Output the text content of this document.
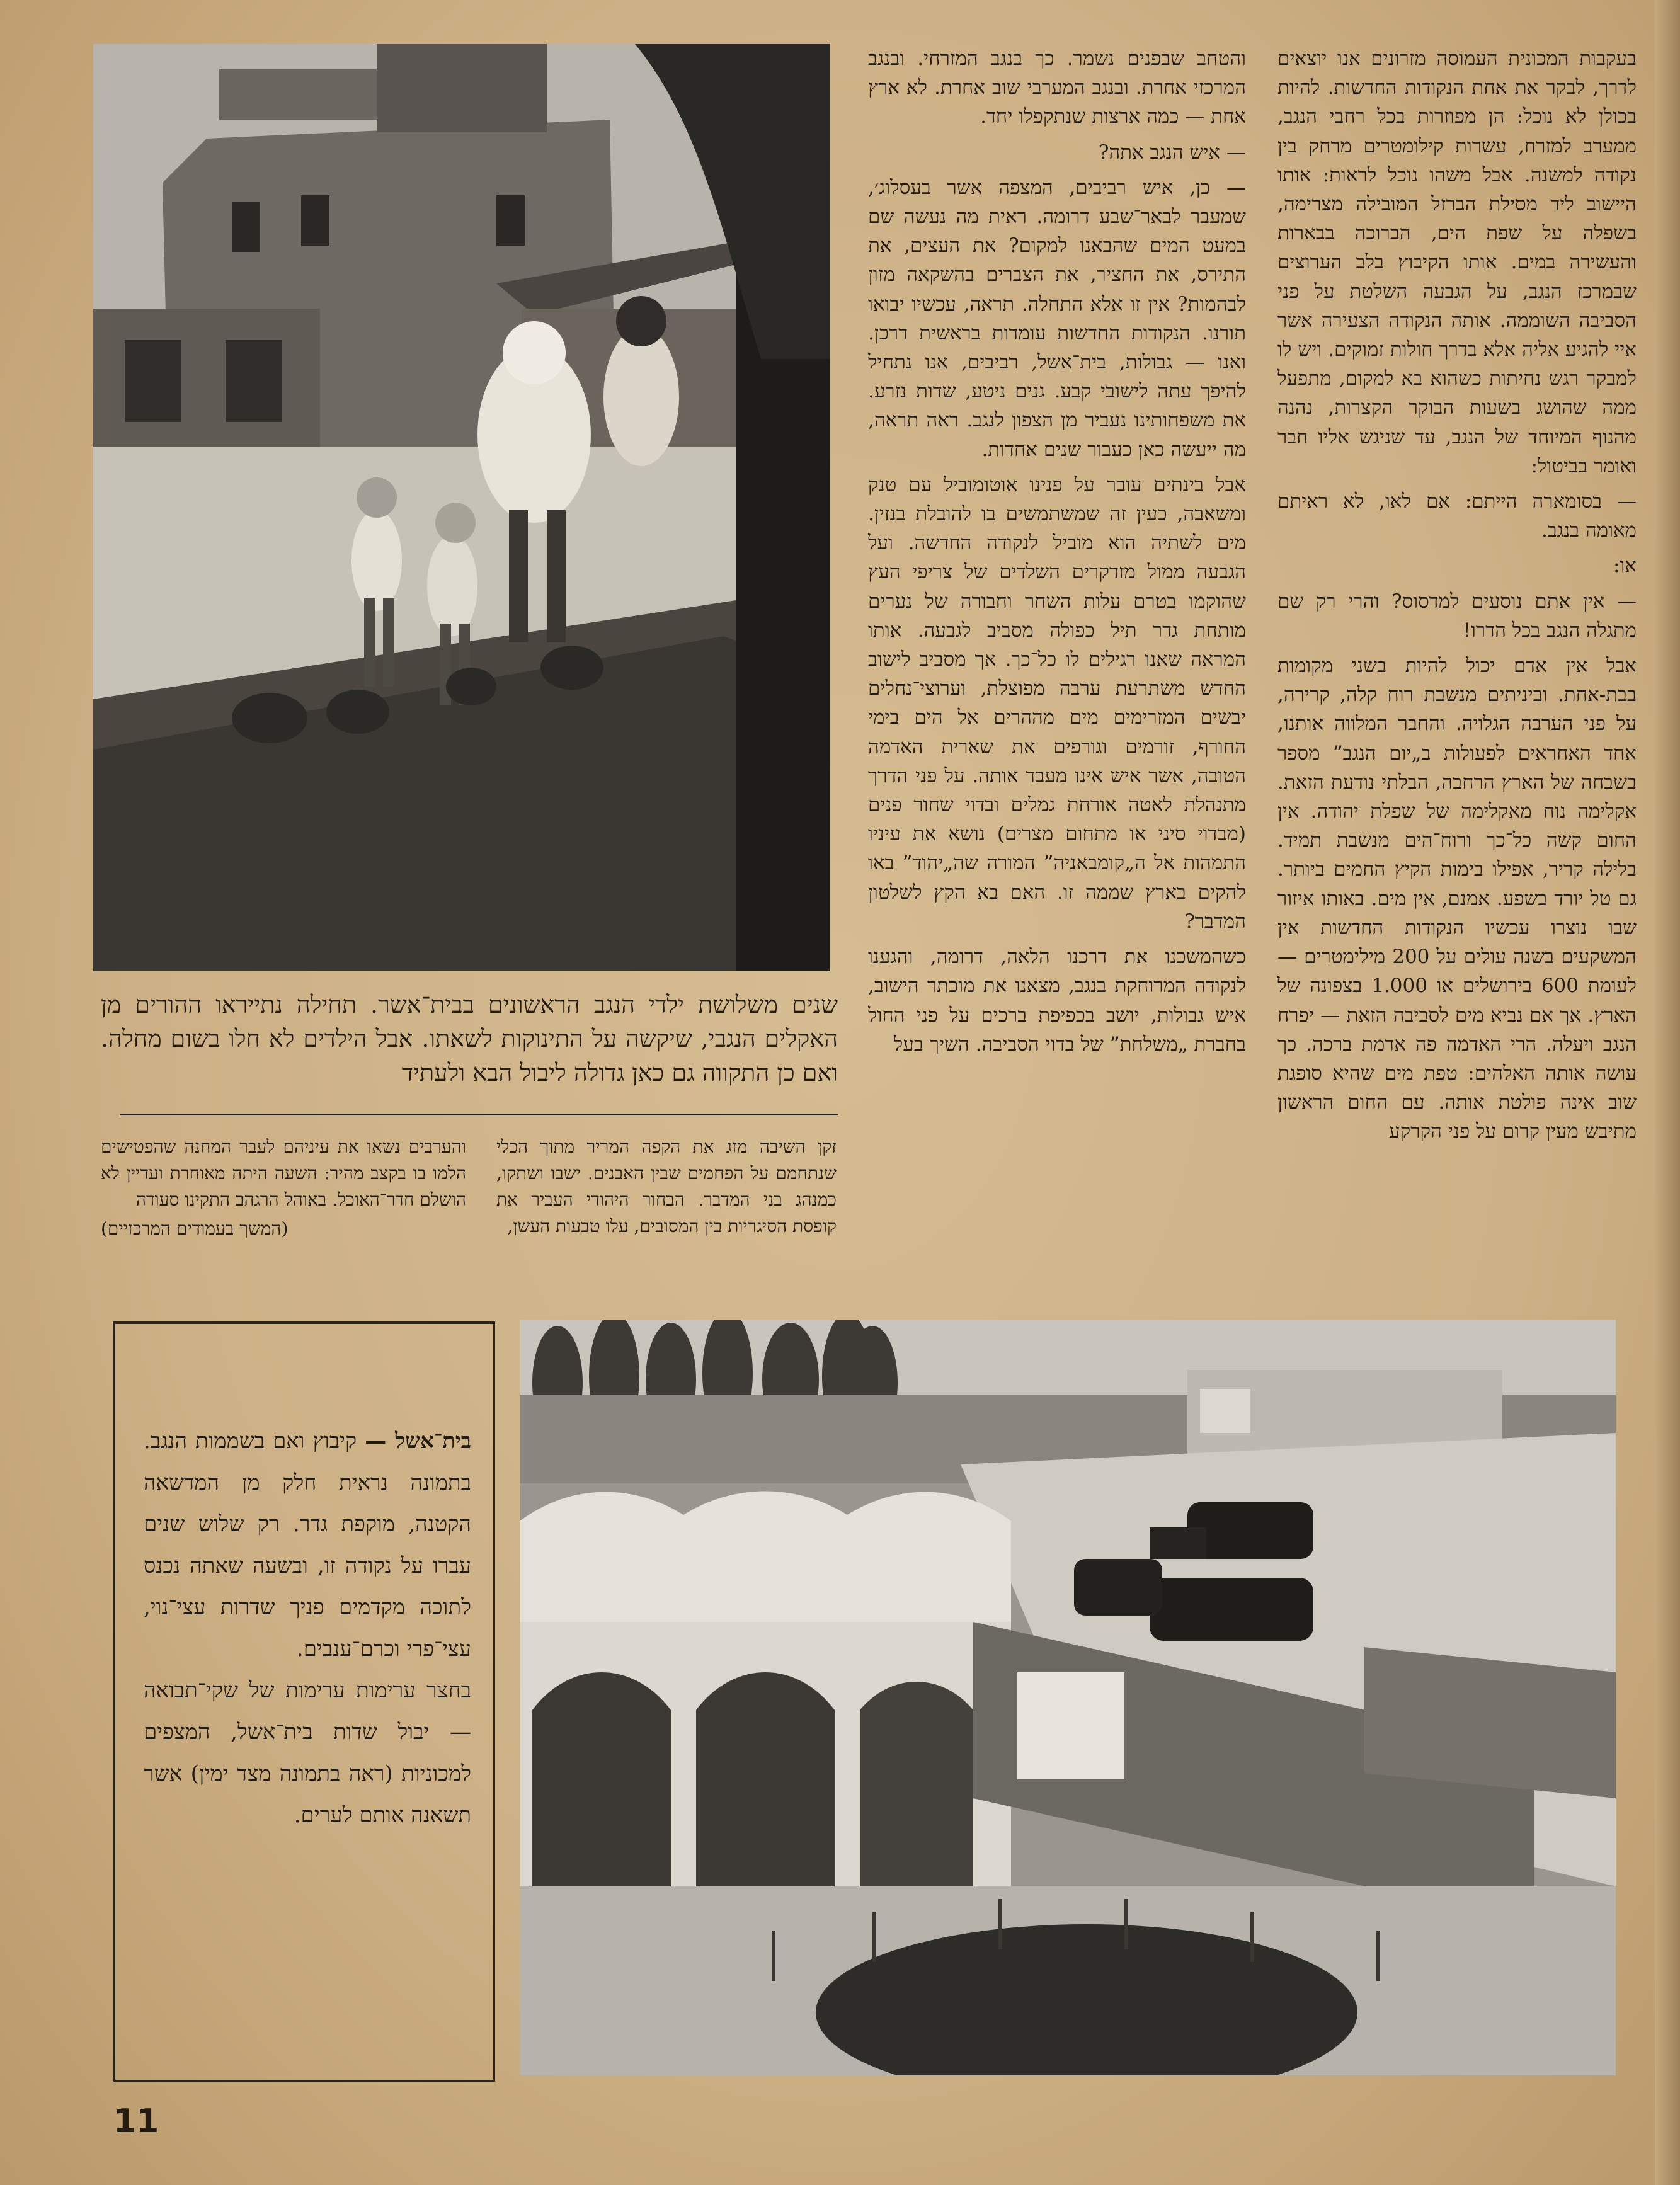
שנים משלושת ילדי הנגב הראשונים בבית־אשר. תחילה נתייראו ההורים מן האקלים הנגבי, שיקשה על התינוקות לשאתו. אבל הילדים לא חלו בשום מחלה. ואם כן התקווה גם כאן גדולה ליבול הבא ולעתיד

בעקבות המכונית העמוסה מזרונים אנו יוצאים לדרך, לבקר את אחת הנקודות החדשות. להיות בכולן לא נוכל: הן מפוזרות בכל רחבי הנגב, ממערב למזרח, עשרות קילומטרים מרחק בין נקודה למשנה. אבל משהו נוכל לראות: אותו היישוב ליד מסילת הברזל המובילה מצרימה, בשפלה על שפת הים, הברוכה בבארות והעשירה במים. אותו הקיבוץ בלב הערוצים שבמרכז הנגב, על הגבעה השלטת על פני הסביבה השוממה. אותה הנקודה הצעירה אשר איי להגיע אליה אלא בדרך חולות זמוקים. ויש לו למבקר רגש נחיתות כשהוא בא למקום, מתפעל ממה שהושג בשעות הבוקר הקצרות, נהנה מהנוף המיוחד של הנגב, עד שניגש אליו חבר ואומר בביטול:

— בסומארה הייתם: אם לאו, לא ראיתם מאומה בנגב.

או:

— אין אתם נוסעים למדסוס? והרי רק שם מתגלה הנגב בכל הדרו!

אבל אין אדם יכול להיות בשני מקומות בבת-אחת. וביניתים מנשבת רוח קלה, קרירה, על פני הערבה הגלויה. והחבר המלווה אותנו, אחד האחראים לפעולות ב„יום הנגב” מספר בשבחה של הארץ הרחבה, הבלתי נודעת הזאת. אקלימה נוח מאקלימה של שפלת יהודה. אין החום קשה כל־כך ורוח־הים מנשבת תמיד. בלילה קריר, אפילו בימות הקיץ החמים ביותר. גם טל יורד בשפע. אמנם, אין מים. באותו איזור שבו נוצרו עכשיו הנקודות החדשות אין המשקעים בשנה עולים על 200 מילימטרים — לעומת 600 בירושלים או 1.000 בצפונה של הארץ. אך אם נביא מים לסביבה הזאת — יפרח הנגב ויעלה. הרי האדמה פה אדמת ברכה. כך עושה אותה האלהים: טפת מים שהיא סופגת שוב אינה פולטת אותה. עם החום הראשון מתיבש מעין קרום על פני הקרקע

והטחב שבפנים נשמר. כך בנגב המזרחי. ובנגב המרכזי אחרת. ובנגב המערבי שוב אחרת. לא ארץ אחת — כמה ארצות שנתקפלו יחד.

— איש הנגב אתה?

— כן, איש רביבים, המצפה אשר בעסלוג׳, שמעבר לבאר־שבע דרומה. ראית מה נעשה שם במעט המים שהבאנו למקום? את העצים, את התירס, את החציר, את הצברים בהשקאה מזון לבהמות? אין זו אלא התחלה. תראה, עכשיו יבואו תורנו. הנקודות החדשות עומדות בראשית דרכן. ואנו — גבולות, בית־אשל, רביבים, אנו נתחיל להיפך עתה לישובי קבע. גנים ניטע, שדות נזרע. את משפחותינו נעביר מן הצפון לנגב. ראה תראה, מה ייעשה כאן כעבור שנים אחדות.

אבל בינתים עובר על פנינו אוטומוביל עם טנק ומשאבה, כעין זה שמשתמשים בו להובלת בנזין. מים לשתיה הוא מוביל לנקודה החדשה. ועל הגבעה ממול מזדקרים השלדים של צריפי העץ שהוקמו בטרם עלות השחר וחבורה של נערים מותחת גדר תיל כפולה מסביב לגבעה. אותו המראה שאנו רגילים לו כל־כך. אך מסביב לישוב החדש משתרעת ערבה מפוצלת, וערוצי־נחלים יבשים המזרימים מים מההרים אל הים בימי החורף, זורמים וגורפים את שארית האדמה הטובה, אשר איש אינו מעבד אותה. על פני הדרך מתנהלת לאטה אורחת גמלים ובדוי שחור פנים (מבדוי סיני או מתחום מצרים) נושא את עיניו התמהות אל ה„קומבאניה” המורה שה„יהוד” באו להקים בארץ שממה זו. האם בא הקץ לשלטון המדבר?

כשהמשכנו את דרכנו הלאה, דרומה, והגענו לנקודה המרוחקת בנגב, מצאנו את מוכתר הישוב, איש גבולות, יושב בכפיפת ברכים על פני החול בחברת „משלחת” של בדוי הסביבה. השיך בעל

זקן השיבה מזג את הקפה המריר מתוך הכלי שנתחמם על הפחמים שבין האבנים. ישבו ושתקו, כמנהג בני המדבר. הבחור היהודי העביר את קופסת הסיגריות בין המסובים, עלו טבעות העשן,
והערבים נשאו את עיניהם לעבר המחנה שהפטישים הלמו בו בקצב מהיר: השעה היתה מאוחרת ועדיין לא הושלם חדר־האוכל. באוהל הרגהב התקינו סעודה
(המשך בעמודים המרכזיים)
בית־אשל — קיבוץ ואם בשממות הנגב. בתמונה נראית חלק מן המדשאה הקטנה, מוקפת גדר. רק שלוש שנים עברו על נקודה זו, ובשעה שאתה נכנס לתוכה מקדמים פניך שדרות עצי־נוי, עצי־פרי וכרם־ענבים.
בחצר ערימות ערימות של שקי־תבואה — יבול שדות בית־אשל, המצפים למכוניות (ראה בתמונה מצד ימין) אשר תשאנה אותם לערים.
11
